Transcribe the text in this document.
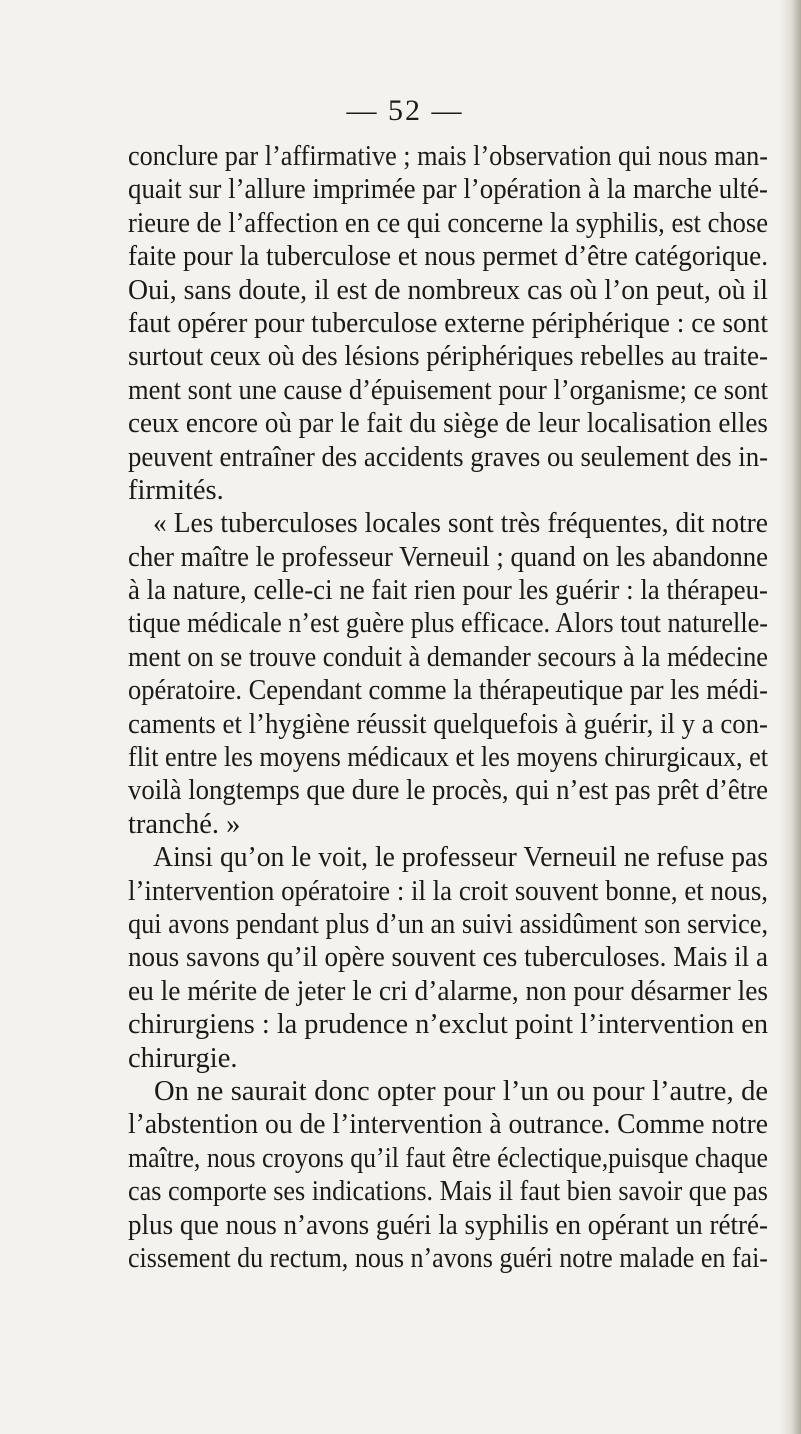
— 52 —
conclure par l’affirmative ; mais l’observation qui nous man-
quait sur l’allure imprimée par l’opération à la marche ulté-
rieure de l’affection en ce qui concerne la syphilis, est chose
faite pour la tuberculose et nous permet d’être catégorique.
Oui, sans doute, il est de nombreux cas où l’on peut, où il
faut opérer pour tuberculose externe périphérique : ce sont
surtout ceux où des lésions périphériques rebelles au traite-
ment sont une cause d’épuisement pour l’organisme; ce sont
ceux encore où par le fait du siège de leur localisation elles
peuvent entraîner des accidents graves ou seulement des in-
firmités.
« Les tuberculoses locales sont très fréquentes, dit notre
cher maître le professeur Verneuil ; quand on les abandonne
à la nature, celle-ci ne fait rien pour les guérir : la thérapeu-
tique médicale n’est guère plus efficace. Alors tout naturelle-
ment on se trouve conduit à demander secours à la médecine
opératoire. Cependant comme la thérapeutique par les médi-
caments et l’hygiène réussit quelquefois à guérir, il y a con-
flit entre les moyens médicaux et les moyens chirurgicaux, et
voilà longtemps que dure le procès, qui n’est pas prêt d’être
tranché. »
Ainsi qu’on le voit, le professeur Verneuil ne refuse pas
l’intervention opératoire : il la croit souvent bonne, et nous,
qui avons pendant plus d’un an suivi assidûment son service,
nous savons qu’il opère souvent ces tuberculoses. Mais il a
eu le mérite de jeter le cri d’alarme, non pour désarmer les
chirurgiens : la prudence n’exclut point l’intervention en
chirurgie.
On ne saurait donc opter pour l’un ou pour l’autre, de
l’abstention ou de l’intervention à outrance. Comme notre
maître, nous croyons qu’il faut être éclectique,puisque chaque
cas comporte ses indications. Mais il faut bien savoir que pas
plus que nous n’avons guéri la syphilis en opérant un rétré-
cissement du rectum, nous n’avons guéri notre malade en fai-
